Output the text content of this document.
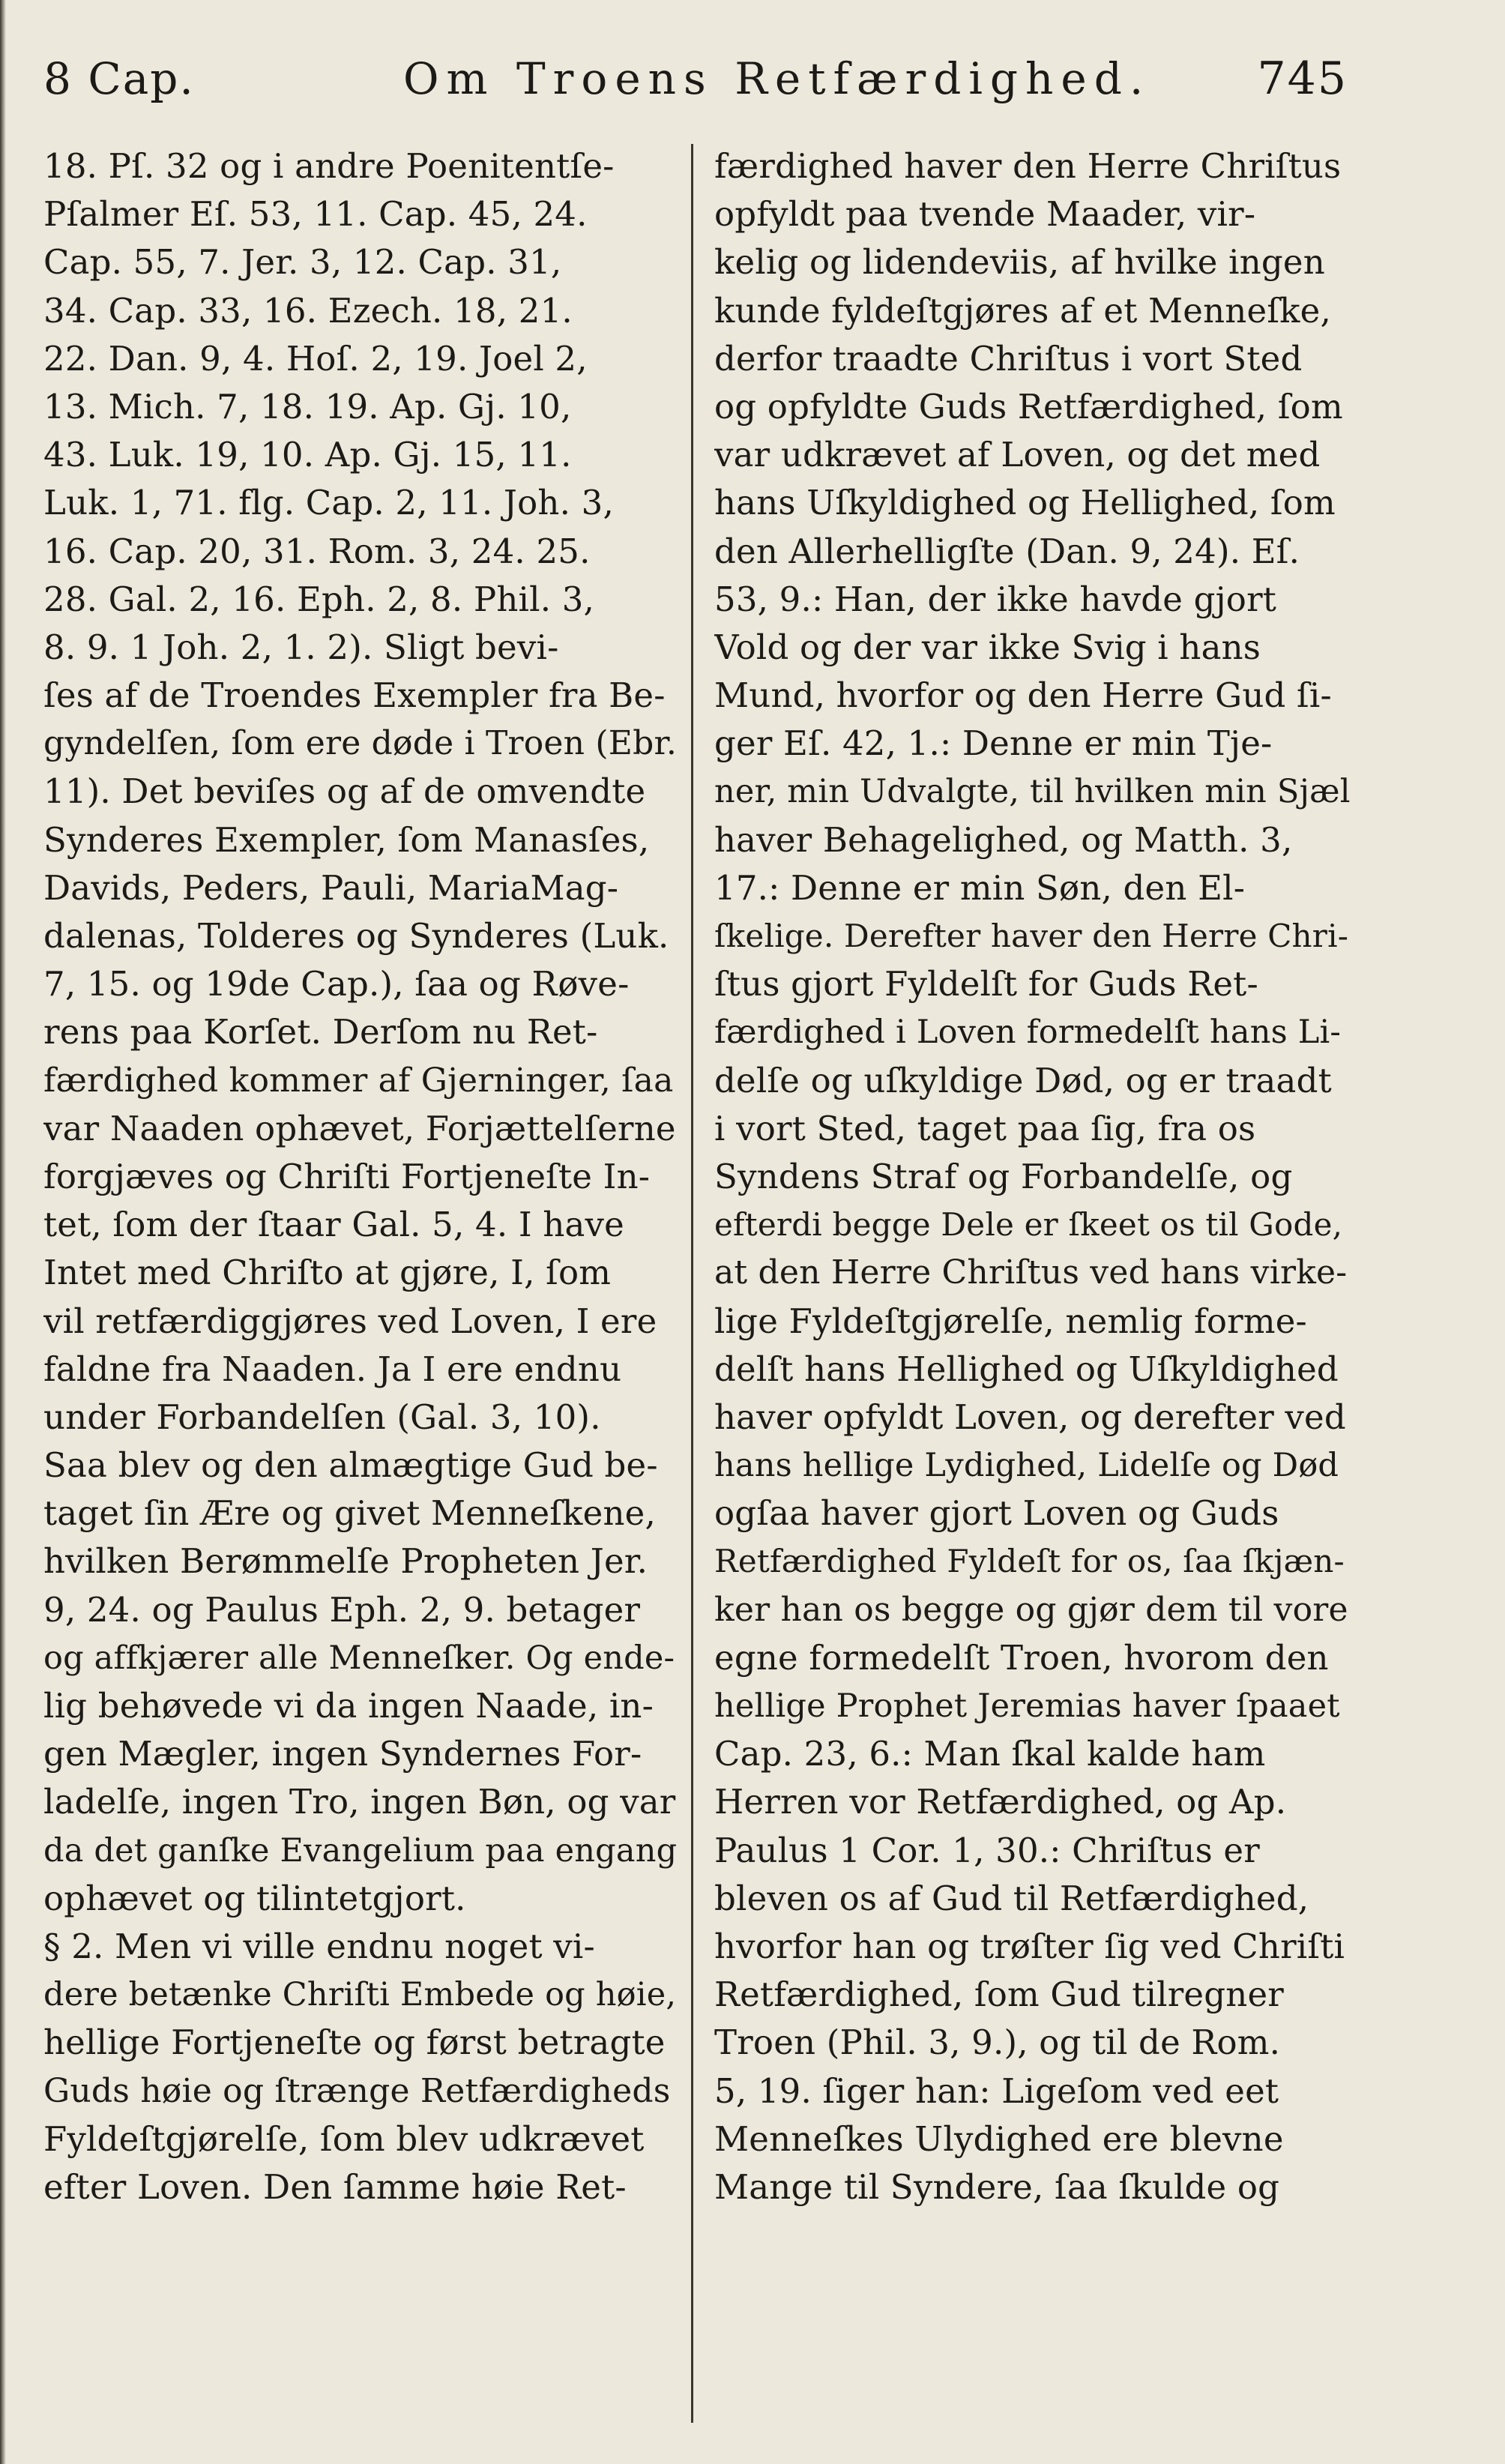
8 Cap.	Om Troens Retfærdighed. 745
18. Pſ. 32 og i andre Poenitentſe-
Pſalmer Eſ. 53, 11. Cap. 45, 24.
Cap. 55, 7. Jer. 3, 12. Cap. 31,
34. Cap. 33, 16. Ezech. 18, 21.
22. Dan. 9, 4. Hoſ. 2, 19. Joel 2,
13. Mich. 7, 18. 19. Ap. Gj. 10,
43. Luk. 19, 10. Ap. Gj. 15, 11.
Luk. 1, 71. flg. Cap. 2, 11. Joh. 3,
16. Cap. 20, 31. Rom. 3, 24. 25.
28. Gal. 2, 16. Eph. 2, 8. Phil. 3,
8. 9. 1 Joh. 2, 1. 2). Sligt bevi-
ſes af de Troendes Exempler fra Be-
gyndelſen, ſom ere døde i Troen (Ebr.
11). Det beviſes og af de omvendte
Synderes Exempler, ſom Manasſes,
Davids, Peders, Pauli, MariaMag-
dalenas, Tolderes og Synderes (Luk.
7, 15. og 19de Cap.), ſaa og Røve-
rens paa Korſet. Derſom nu Ret-
færdighed kommer af Gjerninger, ſaa
var Naaden ophævet, Forjættelſerne
forgjæves og Chriſti Fortjeneſte In-
tet, ſom der ſtaar Gal. 5, 4. I have
Intet med Chriſto at gjøre, I, ſom
vil retfærdiggjøres ved Loven, I ere
faldne fra Naaden. Ja I ere endnu
under Forbandelſen (Gal. 3, 10).
Saa blev og den almægtige Gud be-
taget ſin Ære og givet Menneſkene,
hvilken Berømmelſe Propheten Jer.
9, 24. og Paulus Eph. 2, 9. betager
og affkjærer alle Menneſker. Og ende-
lig behøvede vi da ingen Naade, in-
gen Mægler, ingen Syndernes For-
ladelſe, ingen Tro, ingen Bøn, og var
da det ganſke Evangelium paa engang
ophævet og tilintetgjort.
§ 2. Men vi ville endnu noget vi-
dere betænke Chriſti Embede og høie,
hellige Fortjeneſte og først betragte
Guds høie og ſtrænge Retfærdigheds
Fyldeſtgjørelſe, ſom blev udkrævet
efter Loven. Den ſamme høie Ret-
færdighed haver den Herre Chriſtus
opfyldt paa tvende Maader, vir-
kelig og lidendeviis, af hvilke ingen
kunde fyldeſtgjøres af et Menneſke,
derfor traadte Chriſtus i vort Sted
og opfyldte Guds Retfærdighed, ſom
var udkrævet af Loven, og det med
hans Uſkyldighed og Hellighed, ſom
den Allerhelligſte (Dan. 9, 24). Eſ.
53, 9.: Han, der ikke havde gjort
Vold og der var ikke Svig i hans
Mund, hvorfor og den Herre Gud ſi-
ger Eſ. 42, 1.: Denne er min Tje-
ner, min Udvalgte, til hvilken min Sjæl
haver Behagelighed, og Matth. 3,
17.: Denne er min Søn, den El-
ſkelige. Derefter haver den Herre Chri-
ſtus gjort Fyldelſt for Guds Ret-
færdighed i Loven formedelſt hans Li-
delſe og uſkyldige Død, og er traadt
i vort Sted, taget paa ſig, fra os
Syndens Straf og Forbandelſe, og
efterdi begge Dele er ſkeet os til Gode,
at den Herre Chriſtus ved hans virke-
lige Fyldeſtgjørelſe, nemlig forme-
delſt hans Hellighed og Uſkyldighed
haver opfyldt Loven, og derefter ved
hans hellige Lydighed, Lidelſe og Død
ogſaa haver gjort Loven og Guds
Retfærdighed Fyldeſt for os, ſaa ſkjæn-
ker han os begge og gjør dem til vore
egne formedelſt Troen, hvorom den
hellige Prophet Jeremias haver ſpaaet
Cap. 23, 6.: Man ſkal kalde ham
Herren vor Retfærdighed, og Ap.
Paulus 1 Cor. 1, 30.: Chriſtus er
bleven os af Gud til Retfærdighed,
hvorfor han og trøſter ſig ved Chriſti
Retfærdighed, ſom Gud tilregner
Troen (Phil. 3, 9.), og til de Rom.
5, 19. ſiger han: Ligeſom ved eet
Menneſkes Ulydighed ere blevne
Mange til Syndere, ſaa ſkulde og
